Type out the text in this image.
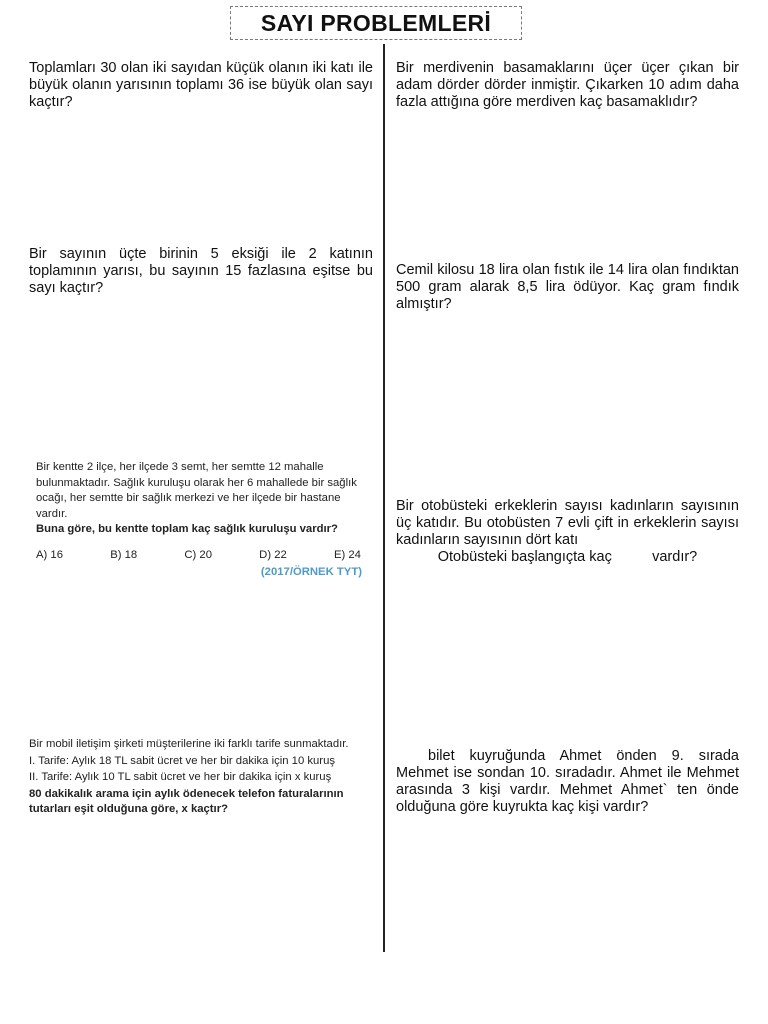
SAYI PROBLEMLERİ
Toplamları 30 olan iki sayıdan küçük olanın iki katı ile büyük olanın yarısının toplamı 36 ise büyük olan sayı kaçtır?
Bir merdivenin basamaklarını üçer üçer çıkan bir adam dörder dörder inmiştir. Çıkarken 10 adım daha fazla attığına göre merdiven kaç basamaklıdır?
Bir sayının üçte birinin 5 eksiği ile 2 katının toplamının yarısı, bu sayının 15 fazlasına eşitse bu sayı kaçtır?
Cemil kilosu 18 lira olan fıstık ile 14 lira olan fındıktan 500 gram alarak 8,5 lira ödüyor. Kaç gram fındık almıştır?
Bir kentte 2 ilçe, her ilçede 3 semt, her semtte 12 mahalle bulunmaktadır. Sağlık kuruluşu olarak her 6 mahallede bir sağlık ocağı, her semtte bir sağlık merkezi ve her ilçede bir hastane vardır.
Buna göre, bu kentte toplam kaç sağlık kuruluşu vardır?
A) 16	B) 18	C) 20	D) 22	E) 24
(2017/ÖRNEK TYT)
Bir otobüsteki erkeklerin sayısı kadınların sayısının üç katıdır. Bu otobüsten 7 evli çift in erkeklerin sayısı kadınların sayısının dört katı
Otobüsteki başlangıçta kaç          vardır?
Bir mobil iletişim şirketi müşterilerine iki farklı tarife sunmaktadır.
I. Tarife: Aylık 18 TL sabit ücret ve her bir dakika için 10 kuruş
II. Tarife: Aylık 10 TL sabit ücret ve her bir dakika için x kuruş
80 dakikalık arama için aylık ödenecek telefon faturalarının tutarları eşit olduğuna göre, x kaçtır?
bilet kuyruğunda Ahmet önden 9. sırada Mehmet ise sondan 10. sıradadır. Ahmet ile Mehmet arasında 3 kişi vardır. Mehmet Ahmet` ten önde olduğuna göre kuyrukta kaç kişi vardır?
